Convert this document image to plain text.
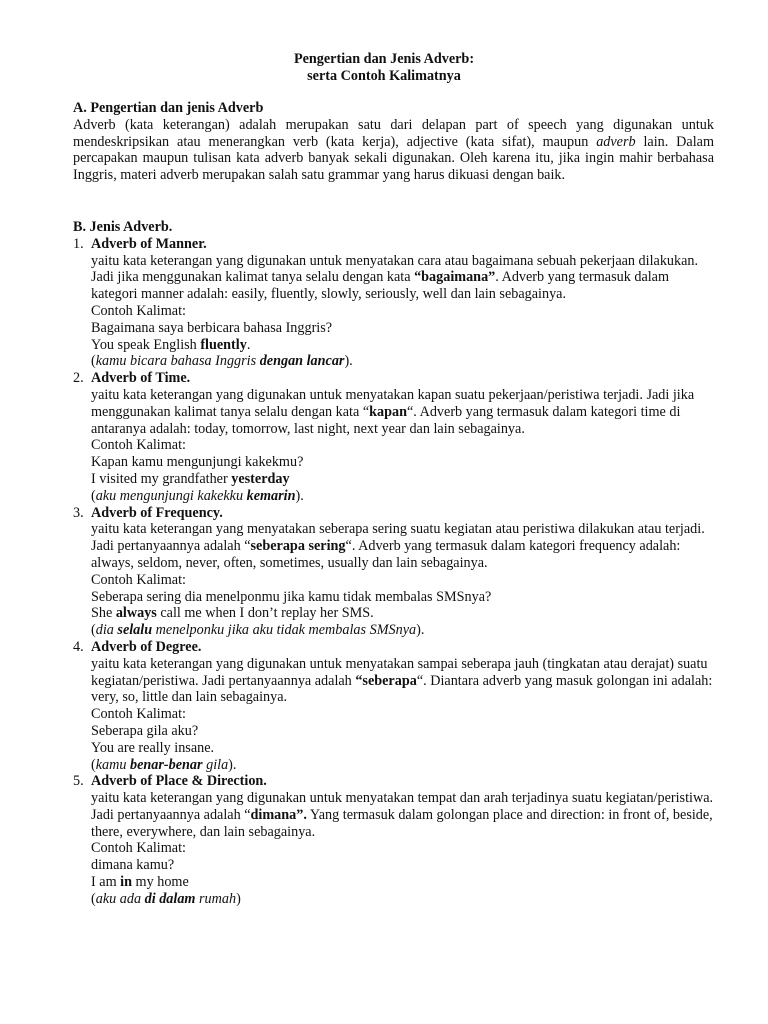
Pengertian dan Jenis Adverb:
serta Contoh Kalimatnya
A. Pengertian dan jenis Adverb
Adverb (kata keterangan) adalah merupakan satu dari delapan part of speech yang digunakan untuk mendeskripsikan atau menerangkan verb (kata kerja), adjective (kata sifat), maupun adverb lain. Dalam percapakan maupun tulisan kata adverb banyak sekali digunakan. Oleh karena itu, jika ingin mahir berbahasa Inggris, materi adverb merupakan salah satu grammar yang harus dikuasi dengan baik.
B. Jenis Adverb.
1. Adverb of Manner.
yaitu kata keterangan yang digunakan untuk menyatakan cara atau bagaimana sebuah pekerjaan dilakukan. Jadi jika menggunakan kalimat tanya selalu dengan kata “bagaimana”. Adverb yang termasuk dalam kategori manner adalah: easily, fluently, slowly, seriously, well dan lain sebagainya.
Contoh Kalimat:
Bagaimana saya berbicara bahasa Inggris?
You speak English fluently.
(kamu bicara bahasa Inggris dengan lancar).
2. Adverb of Time.
yaitu kata keterangan yang digunakan untuk menyatakan kapan suatu pekerjaan/peristiwa terjadi. Jadi jika menggunakan kalimat tanya selalu dengan kata “kapan“. Adverb yang termasuk dalam kategori time di antaranya adalah: today, tomorrow, last night, next year dan lain sebagainya.
Contoh Kalimat:
Kapan kamu mengunjungi kakekmu?
I visited my grandfather yesterday
(aku mengunjungi kakekku kemarin).
3. Adverb of Frequency.
yaitu kata keterangan yang menyatakan seberapa sering suatu kegiatan atau peristiwa dilakukan atau terjadi. Jadi pertanyaannya adalah “seberapa sering“. Adverb yang termasuk dalam kategori frequency adalah: always, seldom, never, often, sometimes, usually dan lain sebagainya.
Contoh Kalimat:
Seberapa sering dia menelponmu jika kamu tidak membalas SMSnya?
She always call me when I don’t replay her SMS.
(dia selalu menelponku jika aku tidak membalas SMSnya).
4. Adverb of Degree.
yaitu kata keterangan yang digunakan untuk menyatakan sampai seberapa jauh (tingkatan atau derajat) suatu kegiatan/peristiwa. Jadi pertanyaannya adalah “seberapa“. Diantara adverb yang masuk golongan ini adalah: very, so, little dan lain sebagainya.
Contoh Kalimat:
Seberapa gila aku?
You are really insane.
(kamu benar-benar gila).
5. Adverb of Place & Direction.
yaitu kata keterangan yang digunakan untuk menyatakan tempat dan arah terjadinya suatu kegiatan/peristiwa. Jadi pertanyaannya adalah “dimana”. Yang termasuk dalam golongan place and direction: in front of, beside, there, everywhere, dan lain sebagainya.
Contoh Kalimat:
dimana kamu?
I am in my home
(aku ada di dalam rumah)
